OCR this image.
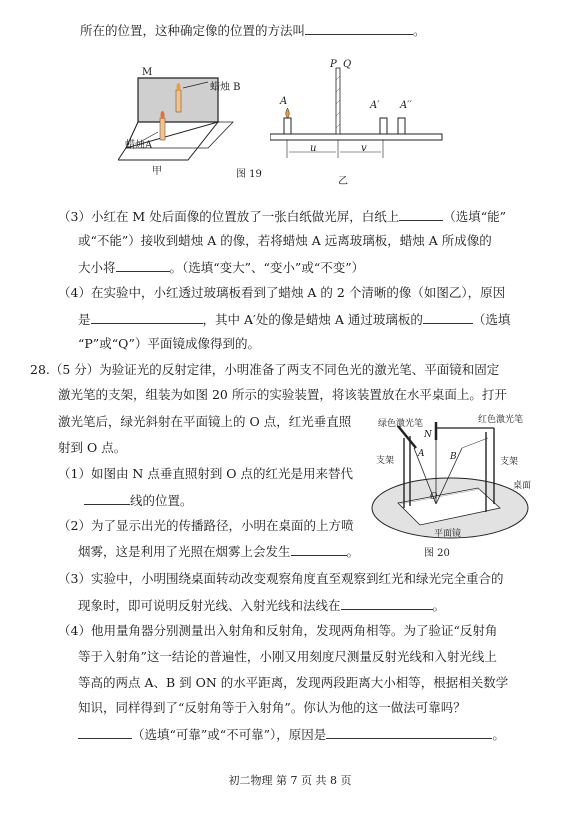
所在的位置，这种确定像的位置的方法叫	。
M
蜡烛 B
蜡烛A
甲
A
P Q
A′ A′′
u	v
图 19
乙
（3）小红在 M 处后面像的位置放了一张白纸做光屏，白纸上	（选填“能”
或“不能”）接收到蜡烛 A 的像，若将蜡烛 A 远离玻璃板，蜡烛 A 所成像的
大小将	。（选填“变大”、“变小”或“不变”）
（4）在实验中，小红透过玻璃板看到了蜡烛 A 的 2 个清晰的像（如图乙），原因
是	，其中 A′处的像是蜡烛 A 通过玻璃板的	（选填
“P”或“Q”）平面镜成像得到的。
28.（5 分）为验证光的反射定律，小明准备了两支不同色光的激光笔、平面镜和固定
激光笔的支架，组装为如图 20 所示的实验装置，将该装置放在水平桌面上。打开
激光笔后，绿光斜射在平面镜上的 O 点，红光垂直照
射到 O 点。
（1）如图由 N 点垂直照射到 O 点的红光是用来替代
线的位置。
（2）为了显示出光的传播路径，小明在桌面的上方喷
烟雾，这是利用了光照在烟雾上会发生	。
绿色激光笔	红色激光笔
N
A	B
O
支架	支架
桌面
平面镜
图 20
（3）实验中，小明围绕桌面转动改变观察角度直至观察到红光和绿光完全重合的
现象时，即可说明反射光线、入射光线和法线在	。
（4）他用量角器分别测量出入射角和反射角，发现两角相等。为了验证“反射角
等于入射角”这一结论的普遍性，小刚又用刻度尺测量反射光线和入射光线上
等高的两点 A、B 到 ON 的水平距离，发现两段距离大小相等，根据相关数学
知识，同样得到了“反射角等于入射角”。你认为他的这一做法可靠吗？
（选填“可靠”或“不可靠”），原因是	。
初二物理 第 7 页 共 8 页
